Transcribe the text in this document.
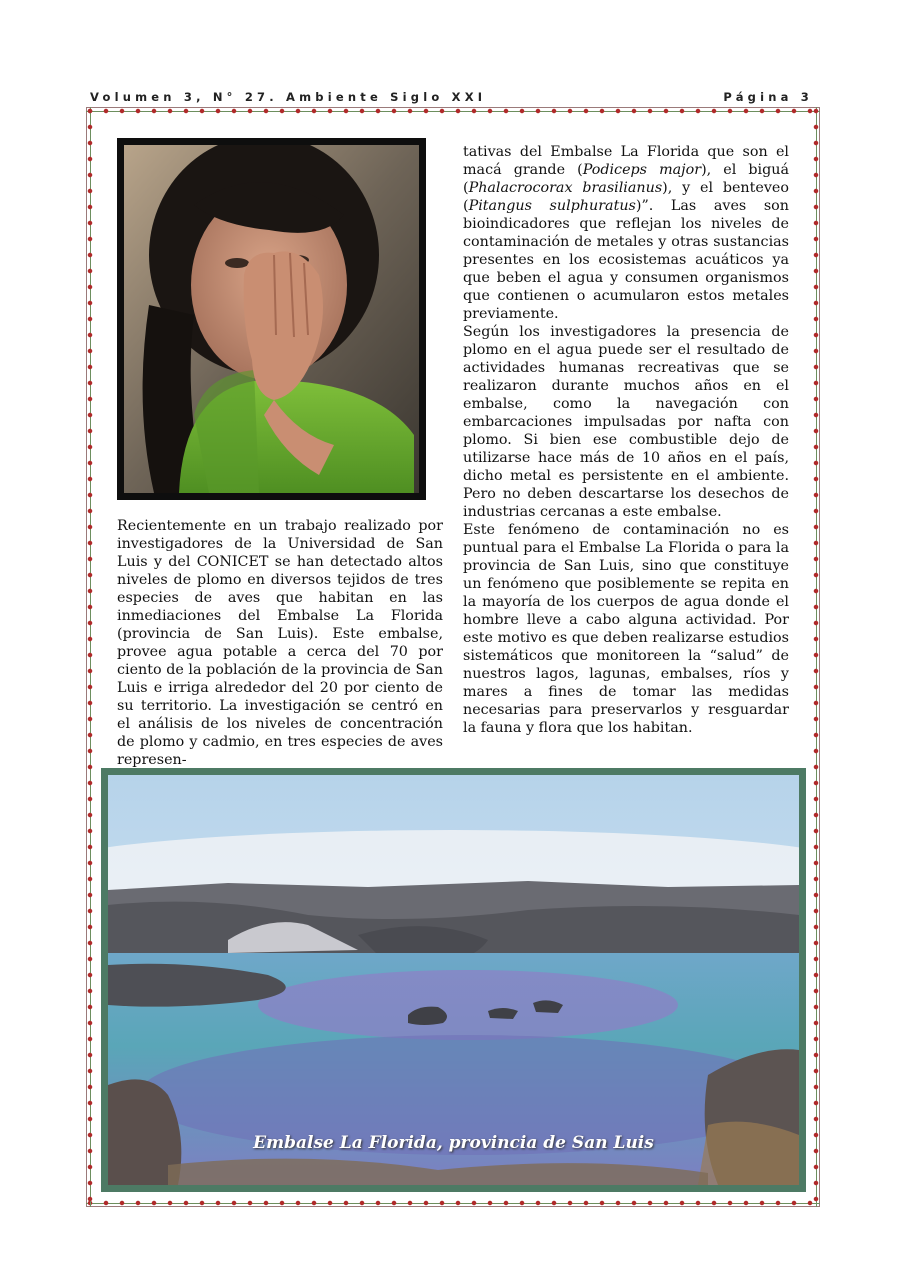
Volumen 3, N° 27. Ambiente Siglo XXI	Página 3

Recientemente en un trabajo realizado por investigadores de la Universidad de San Luis y del CONICET se han detectado altos niveles de plomo en diversos tejidos de tres especies de aves que habitan en las inmediaciones del Embalse La Florida (provincia de San Luis). Este embalse, provee agua potable a cerca del 70 por ciento de la población de la provincia de San Luis e irriga alrededor del 20 por ciento de su territorio. La investigación se centró en el análisis de los niveles de concentración de plomo y cadmio, en tres especies de aves represen-

tativas del Embalse La Florida que son el macá grande (Podiceps major), el biguá (Phalacrocorax brasilianus), y el benteveo (Pitangus sulphuratus)”. Las aves son bioindicadores que reflejan los niveles de contaminación de metales y otras sustancias presentes en los ecosistemas acuáticos ya que beben el agua y consumen organismos que contienen o acumularon estos metales previamente.

Según los investigadores la presencia de plomo en el agua puede ser el resultado de actividades humanas recreativas que se realizaron durante muchos años en el embalse, como la navegación con embarcaciones impulsadas por nafta con plomo. Si bien ese combustible dejo de utilizarse hace más de 10 años en el país, dicho metal es persistente en el ambiente. Pero no deben descartarse los desechos de industrias cercanas a este embalse.

Este fenómeno de contaminación no es puntual para el Embalse La Florida o para la provincia de San Luis, sino que constituye un fenómeno que posiblemente se repita en la mayoría de los cuerpos de agua donde el hombre lleve a cabo alguna actividad. Por este motivo es que deben realizarse estudios sistemáticos que monitoreen la “salud” de nuestros lagos, lagunas, embalses, ríos y mares a fines de tomar las medidas necesarias para preservarlos y resguardar la fauna y flora que los habitan.

Embalse La Florida, provincia de San Luis
